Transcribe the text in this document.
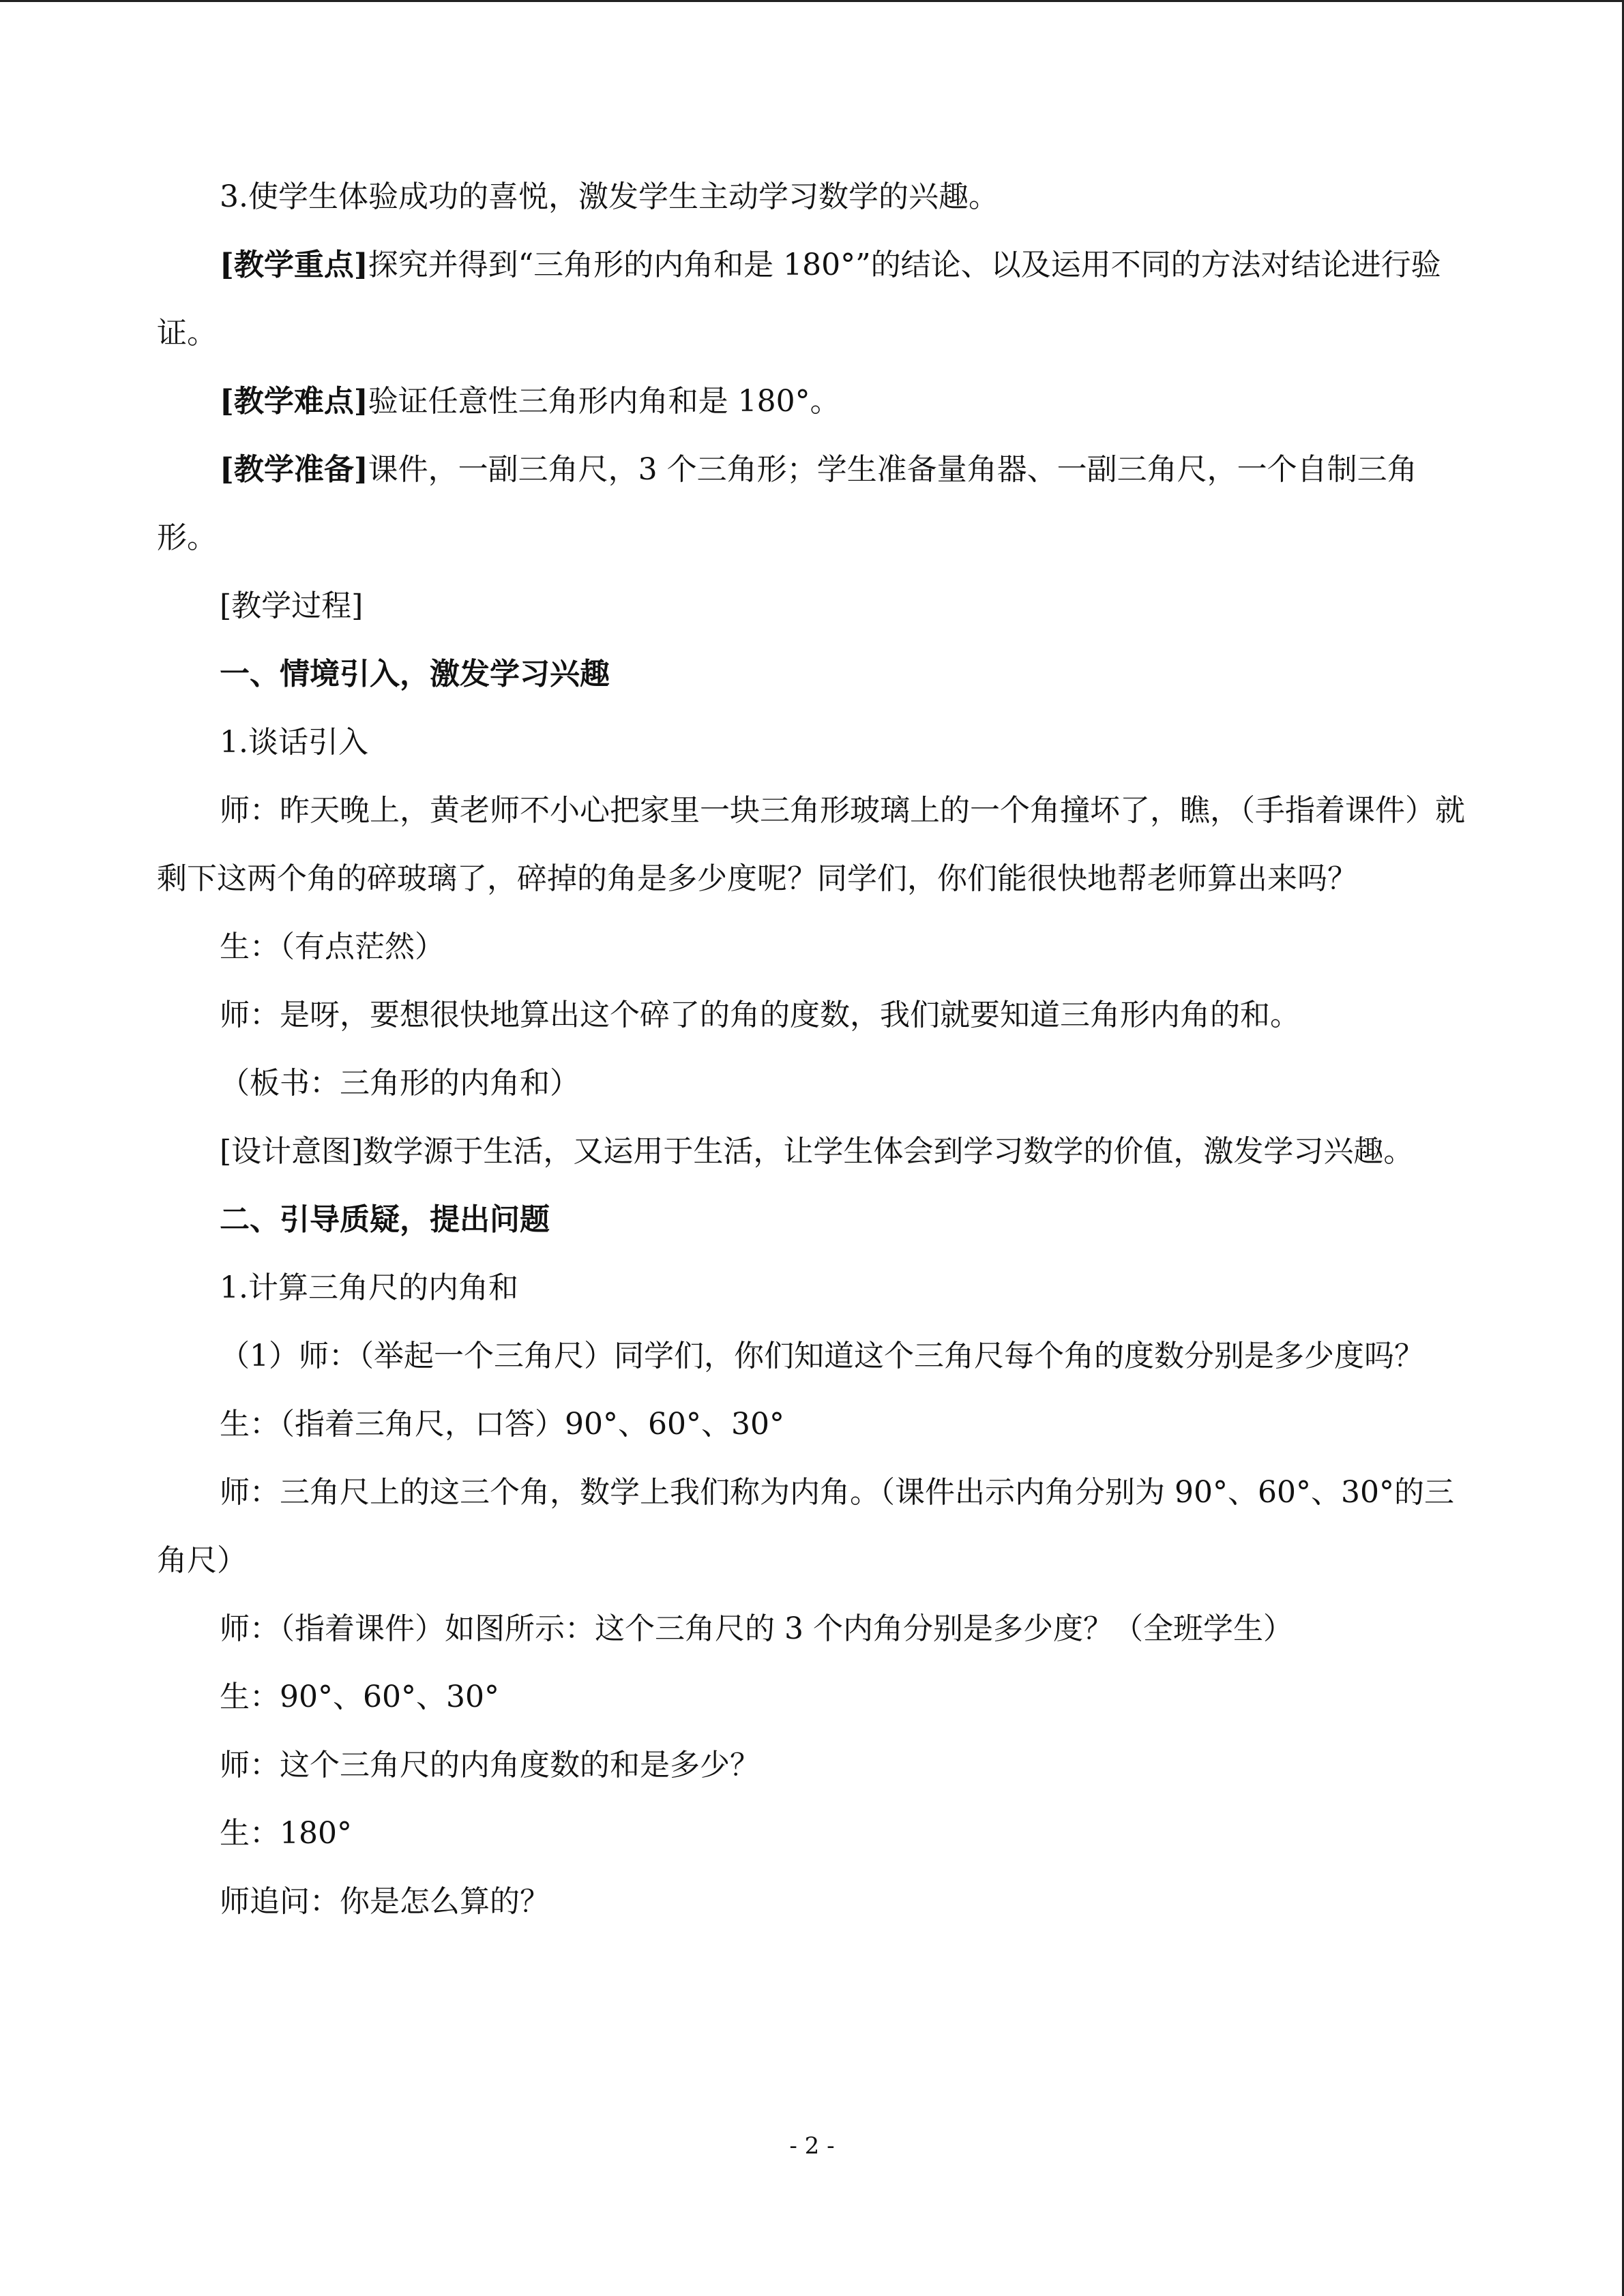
3.使学生体验成功的喜悦，激发学生主动学习数学的兴趣。

[教学重点]探究并得到“三角形的内角和是 180°”的结论、以及运用不同的方法对结论进行验证。

[教学难点]验证任意性三角形内角和是 180°。

[教学准备]课件，一副三角尺，3 个三角形；学生准备量角器、一副三角尺，一个自制三角形。

[教学过程]

一、情境引入，激发学习兴趣

1.谈话引入

师：昨天晚上，黄老师不小心把家里一块三角形玻璃上的一个角撞坏了，瞧，（手指着课件）就剩下这两个角的碎玻璃了，碎掉的角是多少度呢？同学们，你们能很快地帮老师算出来吗？

生：（有点茫然）

师：是呀，要想很快地算出这个碎了的角的度数，我们就要知道三角形内角的和。

（板书：三角形的内角和）

[设计意图]数学源于生活，又运用于生活，让学生体会到学习数学的价值，激发学习兴趣。

二、引导质疑，提出问题

1.计算三角尺的内角和

（1）师：（举起一个三角尺）同学们，你们知道这个三角尺每个角的度数分别是多少度吗？

生：（指着三角尺，口答）90°、60°、30°

师：三角尺上的这三个角，数学上我们称为内角。（课件出示内角分别为 90°、60°、30°的三角尺）

师：（指着课件）如图所示：这个三角尺的 3 个内角分别是多少度？（全班学生）

生：90°、60°、30°

师：这个三角尺的内角度数的和是多少？

生：180°

师追问：你是怎么算的？

- 2 -
